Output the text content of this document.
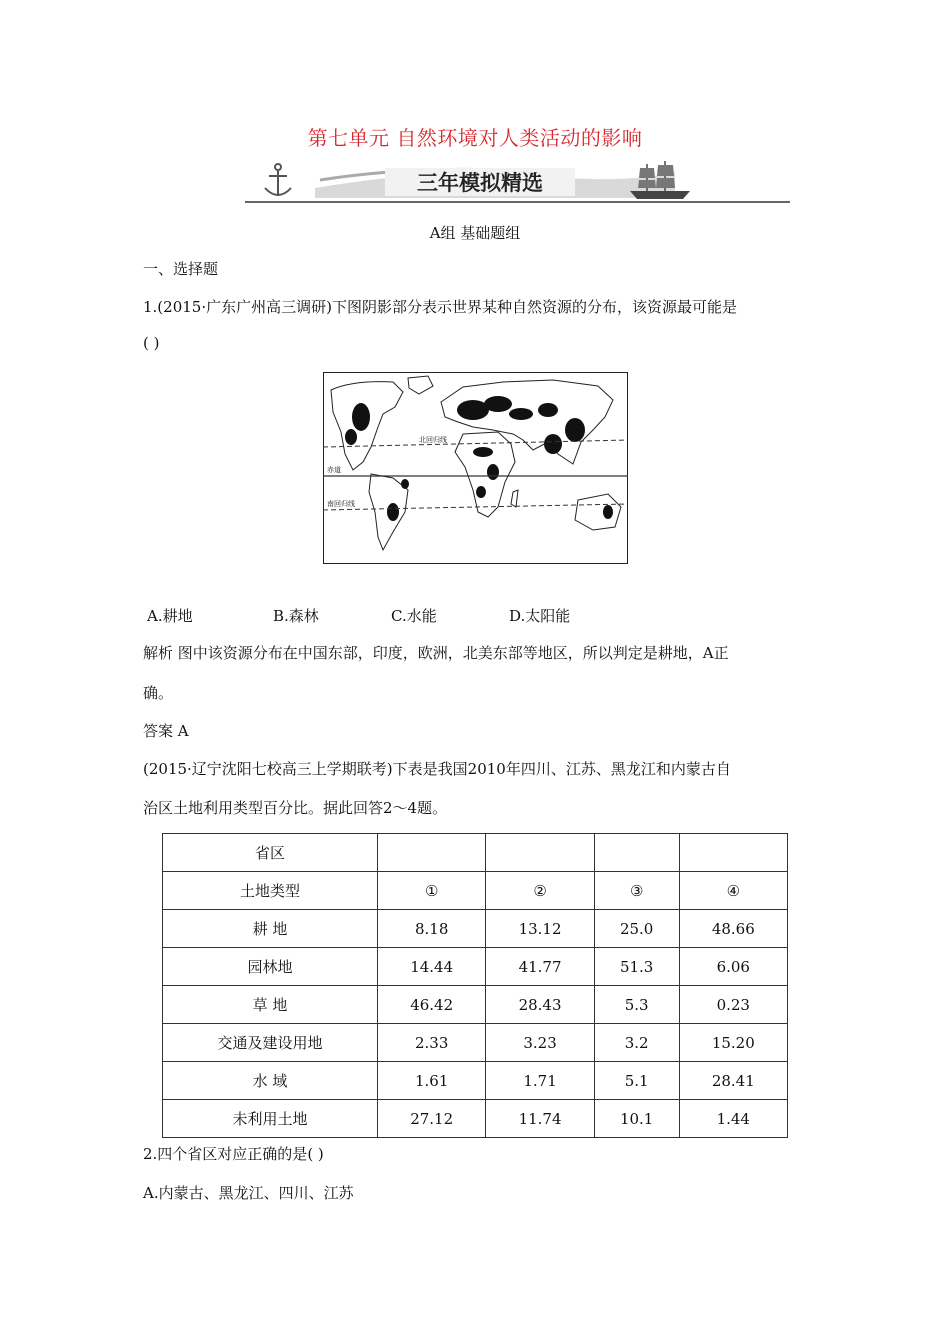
第七单元 自然环境对人类活动的影响
三年模拟精选
A组 基础题组
一、选择题
1.(2015·广东广州高三调研)下图阴影部分表示世界某种自然资源的分布，该资源最可能是
( )
北回归线
赤道
南回归线
A.耕地	B.森林	C.水能	D.太阳能
解析 图中该资源分布在中国东部，印度，欧洲，北美东部等地区，所以判定是耕地，A正
确。
答案 A
(2015·辽宁沈阳七校高三上学期联考)下表是我国2010年四川、江苏、黑龙江和内蒙古自
治区土地利用类型百分比。据此回答2～4题。
省区				
土地类型	①	②	③	④
耕 地	8.18	13.12	25.0	48.66
园林地	14.44	41.77	51.3	6.06
草 地	46.42	28.43	5.3	0.23
交通及建设用地	2.33	3.23	3.2	15.20
水 域	1.61	1.71	5.1	28.41
未利用土地	27.12	11.74	10.1	1.44
2.四个省区对应正确的是( )
A.内蒙古、黑龙江、四川、江苏
